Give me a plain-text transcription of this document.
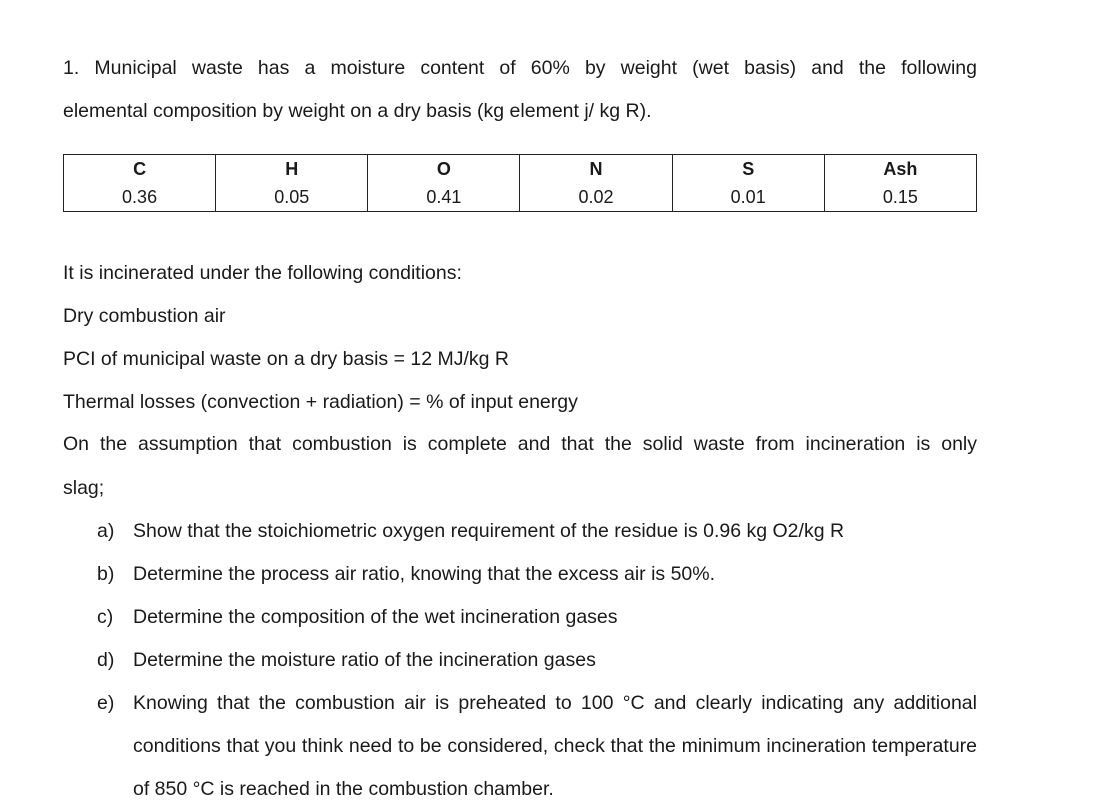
1. Municipal waste has a moisture content of 60% by weight (wet basis) and the following

elemental composition by weight on a dry basis (kg element j/ kg R).

C	H	O	N	S	Ash
0.36	0.05	0.41	0.02	0.01	0.15

It is incinerated under the following conditions:

Dry combustion air

PCI of municipal waste on a dry basis = 12 MJ/kg R

Thermal losses (convection + radiation) = % of input energy

On the assumption that combustion is complete and that the solid waste from incineration is only

slag;

a) Show that the stoichiometric oxygen requirement of the residue is 0.96 kg O2/kg R
b) Determine the process air ratio, knowing that the excess air is 50%.
c) Determine the composition of the wet incineration gases
d) Determine the moisture ratio of the incineration gases
e) Knowing that the combustion air is preheated to 100 °C and clearly indicating any additional conditions that you think need to be considered, check that the minimum incineration temperature of 850 °C is reached in the combustion chamber.
